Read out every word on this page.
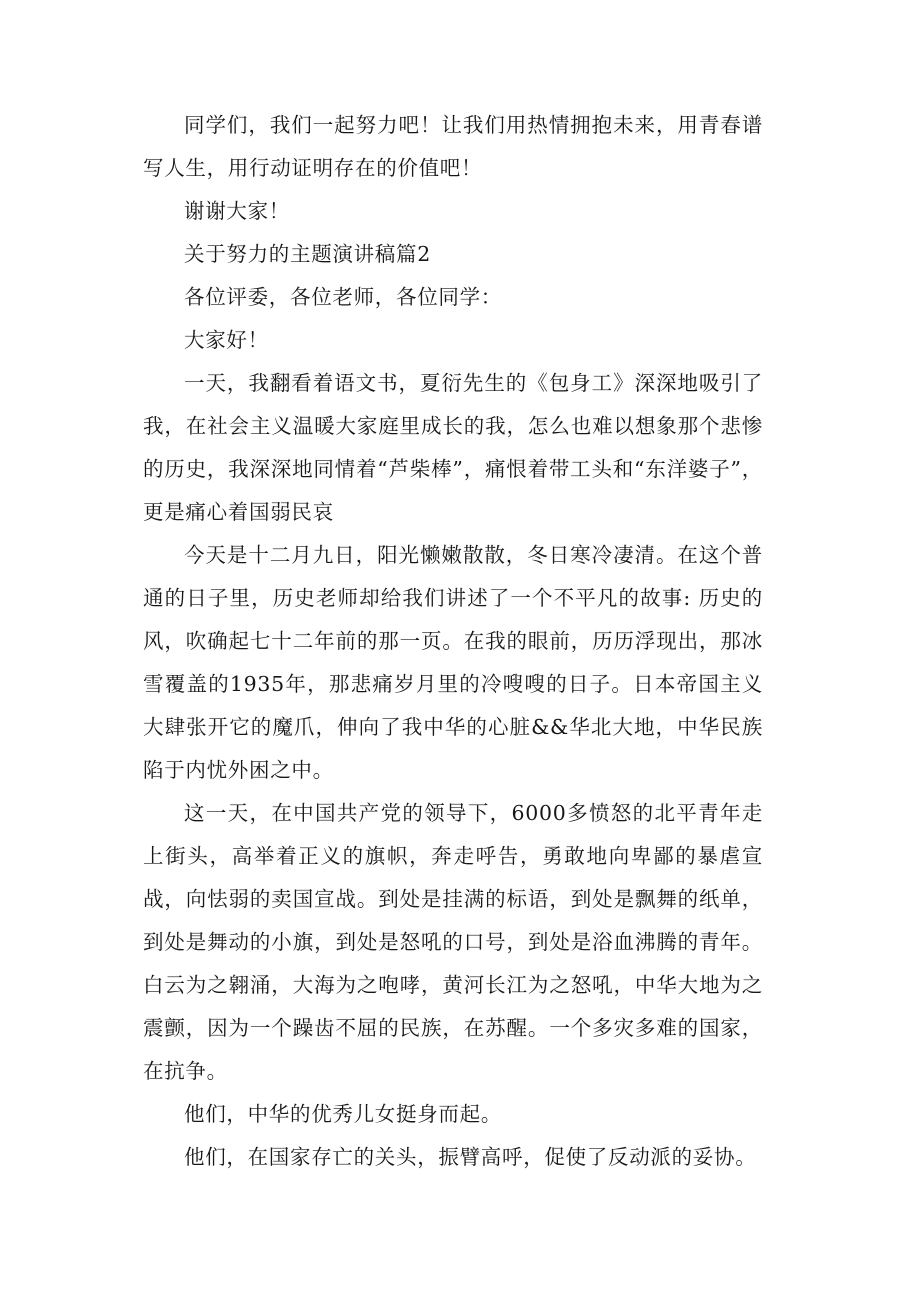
同学们，我们一起努力吧！让我们用热情拥抱未来，用青春谱写人生，用行动证明存在的价值吧！

谢谢大家！

关于努力的主题演讲稿篇2

各位评委，各位老师，各位同学：

大家好！

一天，我翻看着语文书，夏衍先生的《包身工》深深地吸引了我，在社会主义温暖大家庭里成长的我，怎么也难以想象那个悲惨的历史，我深深地同情着“芦柴棒”，痛恨着带工头和“东洋婆子”，更是痛心着国弱民哀

今天是十二月九日，阳光懒嫩散散，冬日寒冷凄清。在这个普通的日子里，历史老师却给我们讲述了一个不平凡的故事: 历史的风，吹确起七十二年前的那一页。在我的眼前，历历浮现出，那冰雪覆盖的1935年，那悲痛岁月里的冷嗖嗖的日子。日本帝国主义大肆张开它的魔爪，伸向了我中华的心脏&&华北大地，中华民族陷于内忧外困之中。

这一天，在中国共产党的领导下，6000多愤怒的北平青年走上街头，高举着正义的旗帜，奔走呼告，勇敢地向卑鄙的暴虐宣战，向怯弱的卖国宣战。到处是挂满的标语，到处是飘舞的纸单，到处是舞动的小旗，到处是怒吼的口号，到处是浴血沸腾的青年。白云为之翱涌，大海为之咆哮，黄河长江为之怒吼，中华大地为之震颤，因为一个躁齿不屈的民族，在苏醒。一个多灾多难的国家，在抗争。

他们，中华的优秀儿女挺身而起。

他们，在国家存亡的关头，振臂高呼，促使了反动派的妥协。
